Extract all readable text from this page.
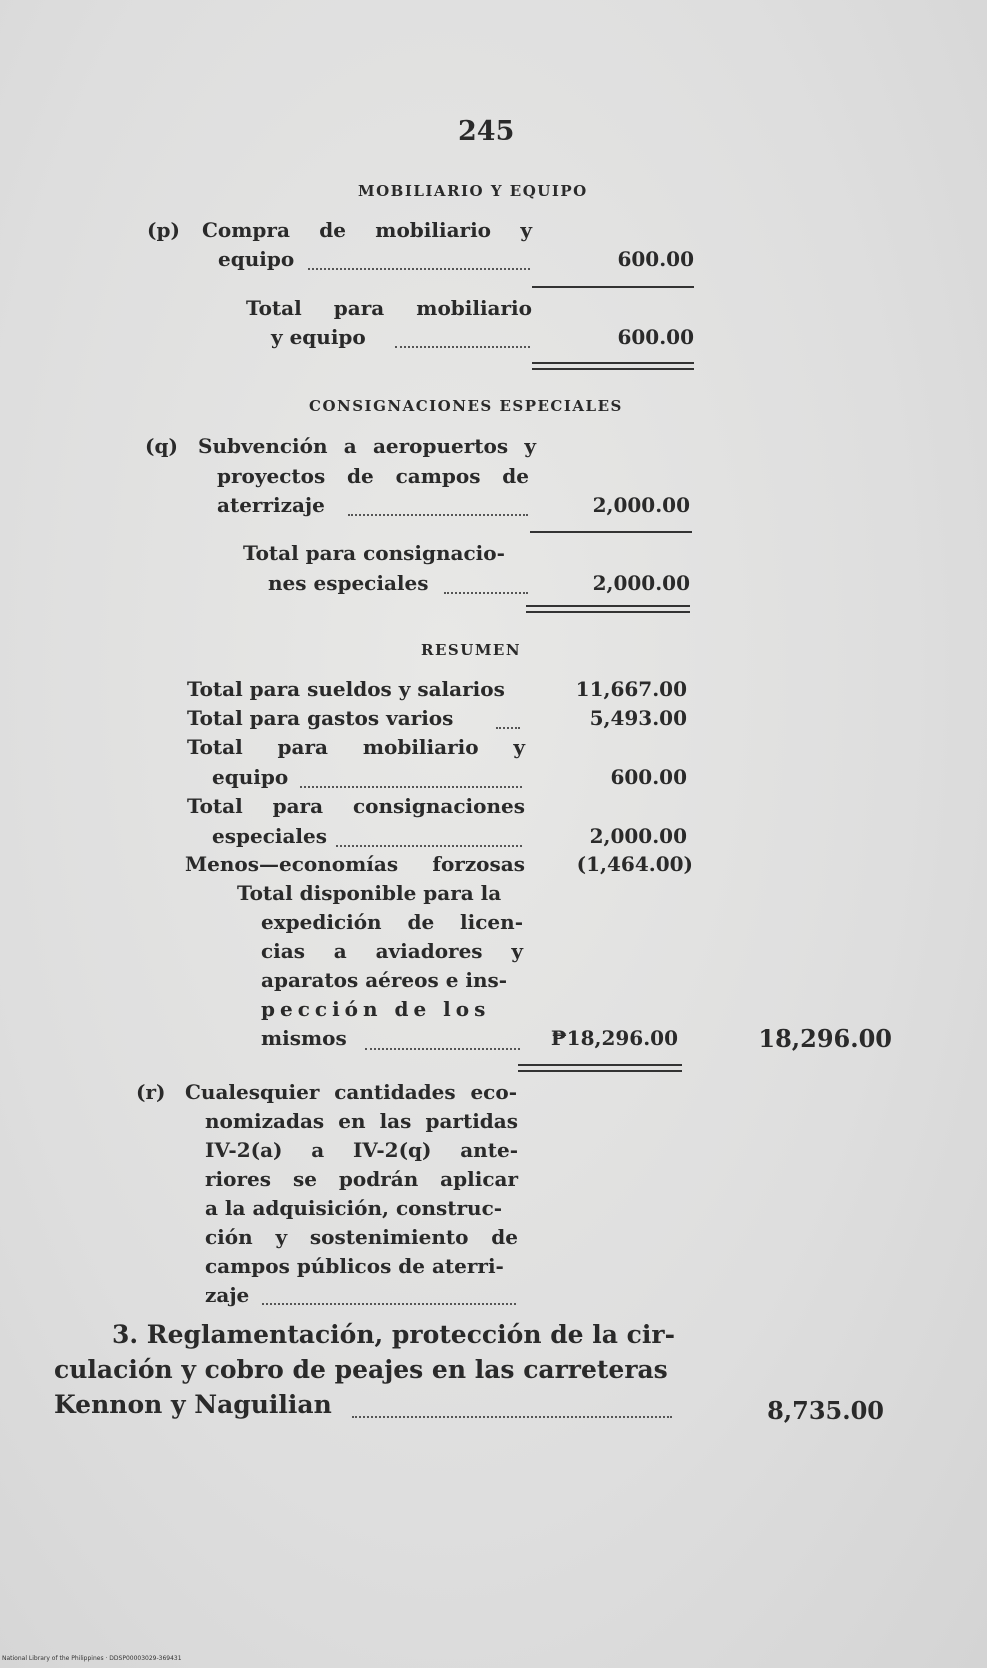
245
MOBILIARIO Y EQUIPO
(p) Compra de mobiliario y
equipo	600.00
Total para mobiliario
y equipo	600.00
CONSIGNACIONES ESPECIALES
(q) Subvención a aeropuertos y
proyectos de campos de
aterrizaje	2,000.00
Total para consignacio-
nes especiales	2,000.00
RESUMEN
Total para sueldos y salarios	11,667.00
Total para gastos varios	5,493.00
Total para mobiliario y
equipo	600.00
Total para consignaciones
especiales	2,000.00
Menos—economías forzosas	(1,464.00)
Total disponible para la
expedición de licen-
cias a aviadores y
aparatos aéreos e ins-
pección de los
mismos	₱18,296.00	18,296.00
(r) Cualesquier cantidades eco-
nomizadas en las partidas
IV-2(a) a IV-2(q) ante-
riores se podrán aplicar
a la adquisición, construc-
ción y sostenimiento de
campos públicos de aterri-
zaje
3. Reglamentación, protección de la cir-
culación y cobro de peajes en las carreteras
Kennon y Naguilian	8,735.00
National Library of the Philippines · DDSP00003029-369431
